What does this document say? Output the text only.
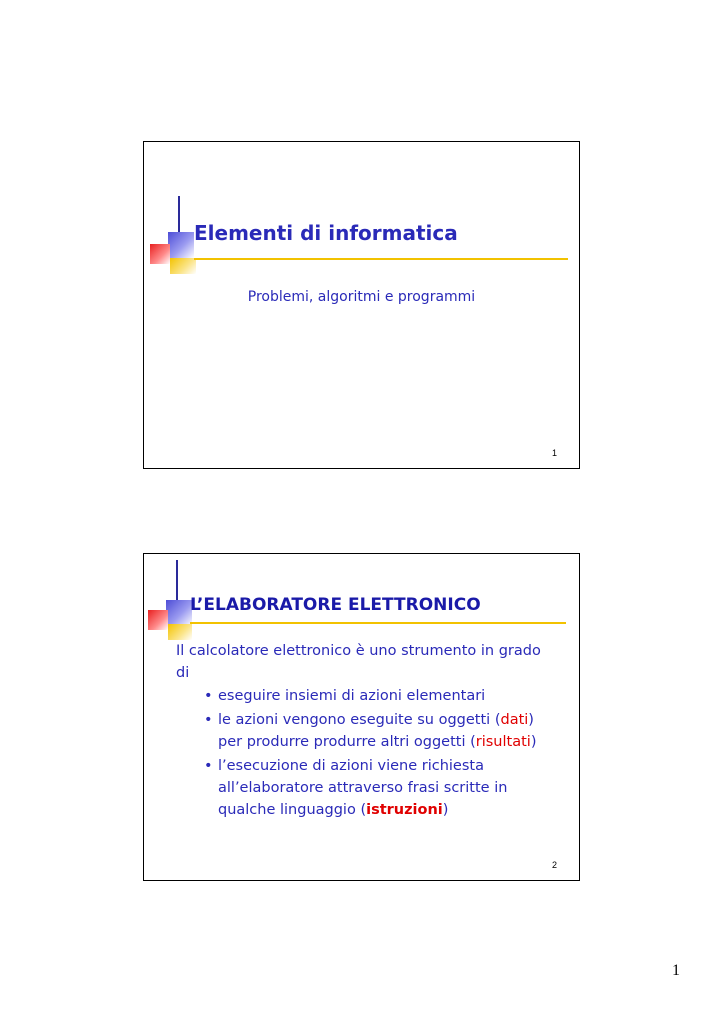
Elementi di informatica
Problemi, algoritmi e programmi
1
L’ELABORATORE ELETTRONICO

Il calcolatore elettronico è uno strumento in grado di

• eseguire insiemi di azioni elementari
• le azioni vengono eseguite su oggetti (dati) per produrre produrre altri oggetti (risultati)
• l’esecuzione di azioni viene richiesta all’elaboratore attraverso frasi scritte in qualche linguaggio (istruzioni)
2
1
